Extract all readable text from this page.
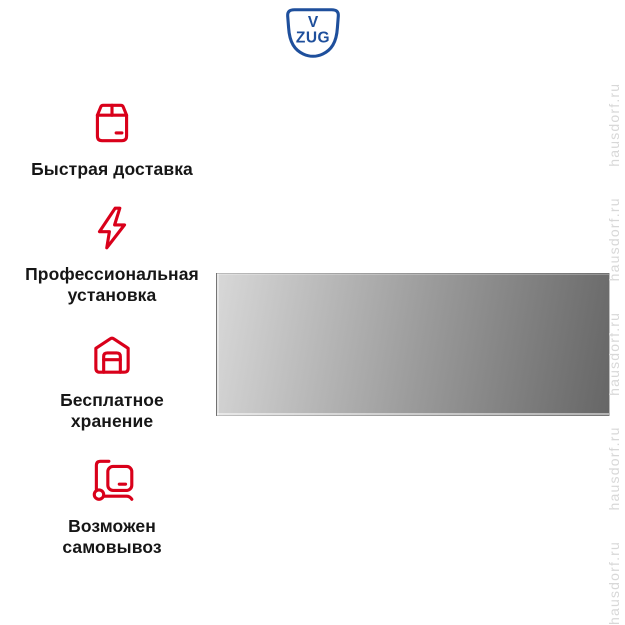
V
ZUG
Быстрая доставка
Профессиональная
установка
Бесплатное
хранение
Возможен
самовывоз	hausdorf.ru      hausdorf.ru      hausdorf.ru      hausdorf.ru      hausdorf.ru
